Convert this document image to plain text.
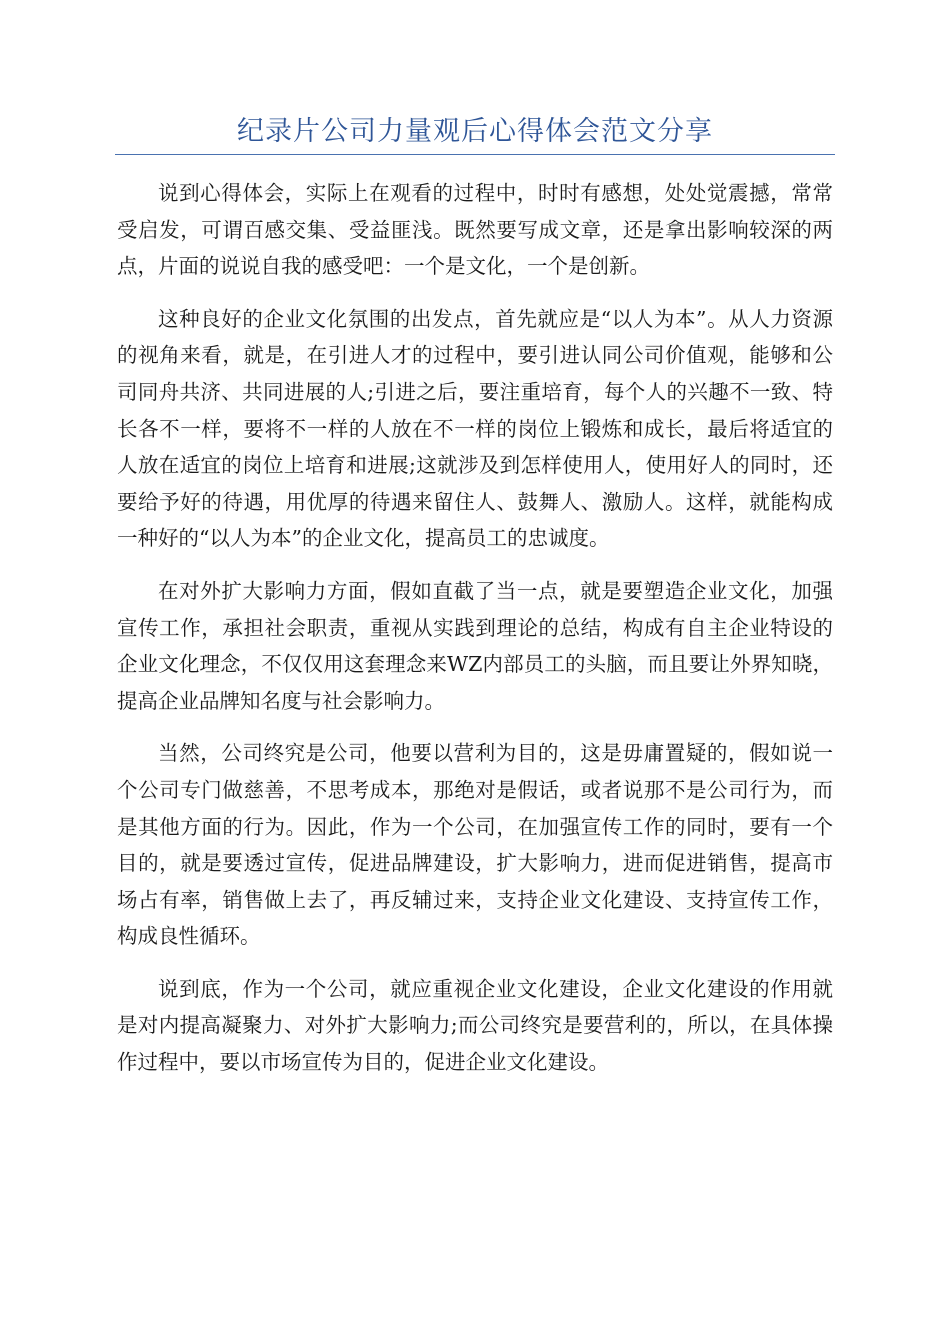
纪录片公司力量观后心得体会范文分享

说到心得体会，实际上在观看的过程中，时时有感想，处处觉震撼，常常受启发，可谓百感交集、受益匪浅。既然要写成文章，还是拿出影响较深的两点，片面的说说自我的感受吧：一个是文化，一个是创新。

这种良好的企业文化氛围的出发点，首先就应是“以人为本”。从人力资源的视角来看，就是，在引进人才的过程中，要引进认同公司价值观，能够和公司同舟共济、共同进展的人;引进之后，要注重培育，每个人的兴趣不一致、特长各不一样，要将不一样的人放在不一样的岗位上锻炼和成长，最后将适宜的人放在适宜的岗位上培育和进展;这就涉及到怎样使用人，使用好人的同时，还要给予好的待遇，用优厚的待遇来留住人、鼓舞人、激励人。这样，就能构成一种好的“以人为本”的企业文化，提高员工的忠诚度。

在对外扩大影响力方面，假如直截了当一点，就是要塑造企业文化，加强宣传工作，承担社会职责，重视从实践到理论的总结，构成有自主企业特设的企业文化理念，不仅仅用这套理念来WZ内部员工的头脑，而且要让外界知晓，提高企业品牌知名度与社会影响力。

当然，公司终究是公司，他要以营利为目的，这是毋庸置疑的，假如说一个公司专门做慈善，不思考成本，那绝对是假话，或者说那不是公司行为，而是其他方面的行为。因此，作为一个公司，在加强宣传工作的同时，要有一个目的，就是要透过宣传，促进品牌建设，扩大影响力，进而促进销售，提高市场占有率，销售做上去了，再反辅过来，支持企业文化建设、支持宣传工作，构成良性循环。

说到底，作为一个公司，就应重视企业文化建设，企业文化建设的作用就是对内提高凝聚力、对外扩大影响力;而公司终究是要营利的，所以，在具体操作过程中，要以市场宣传为目的，促进企业文化建设。
